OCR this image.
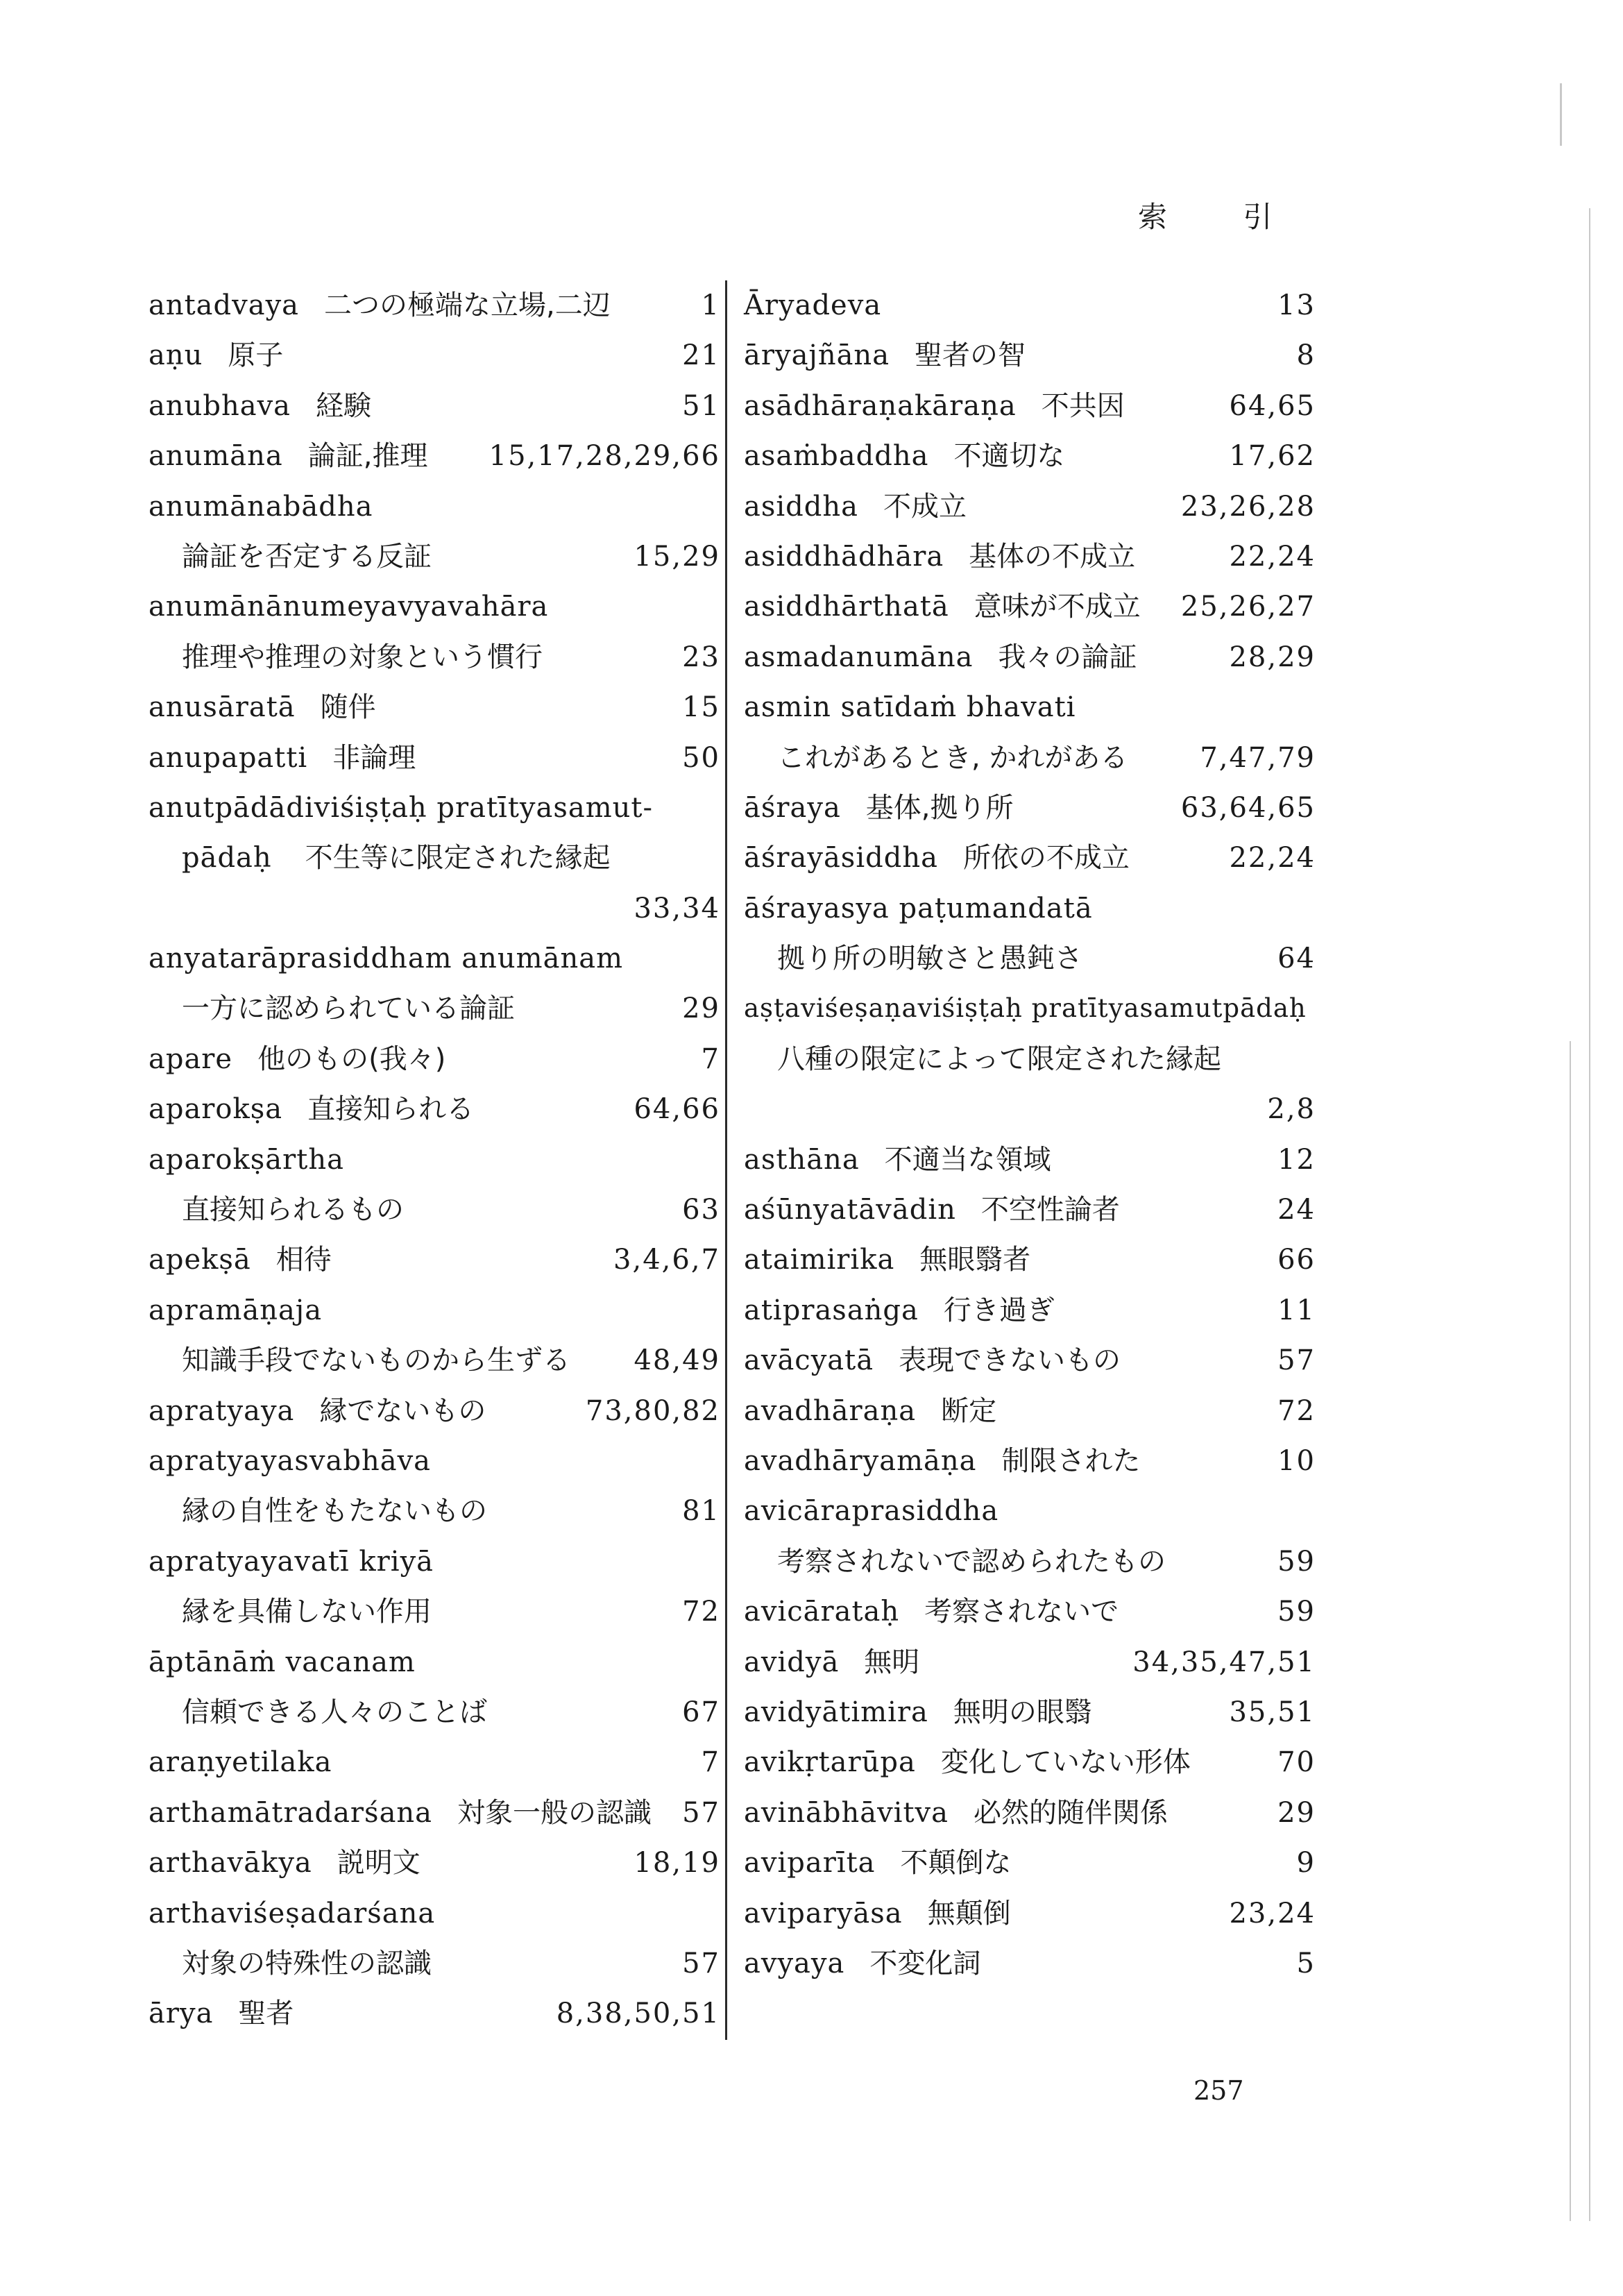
索 引
antadvaya 二つの極端な立場,二辺	1
aṇu 原子	21
anubhava 経験	51
anumāna 論証,推理 15,17,28,29,66
anumānabādha
論証を否定する反証	15,29
anumānānumeyavyavahāra
推理や推理の対象という慣行	23
anusāratā 随伴	15
anupapatti 非論理	50
anutpādādiviśiṣṭaḥ pratītyasamut-
pādaḥ 不生等に限定された縁起
33,34
anyatarāprasiddham anumānam
一方に認められている論証	29
apare 他のもの(我々)	7
aparokṣa 直接知られる	64,66
aparokṣārtha
直接知られるもの	63
apekṣā 相待	3,4,6,7
apramāṇaja
知識手段でないものから生ずる 48,49
apratyaya 縁でないもの	73,80,82
apratyayasvabhāva
縁の自性をもたないもの	81
apratyayavatī kriyā
縁を具備しない作用	72
āptānāṁ vacanam
信頼できる人々のことば	67
araṇyetilaka	7
arthamātradarśana 対象一般の認識 57
arthavākya 説明文	18,19
arthaviśeṣadarśana
対象の特殊性の認識	57
ārya 聖者	8,38,50,51
Āryadeva	13
āryajñāna 聖者の智	8
asādhāraṇakāraṇa 不共因	64,65
asaṁbaddha 不適切な	17,62
asiddha 不成立	23,26,28
asiddhādhāra 基体の不成立	22,24
asiddhārthatā 意味が不成立 25,26,27
asmadanumāna 我々の論証	28,29
asmin satīdaṁ bhavati
これがあるとき, かれがある	7,47,79
āśraya 基体,拠り所	63,64,65
āśrayāsiddha 所依の不成立	22,24
āśrayasya paṭumandatā
拠り所の明敏さと愚鈍さ	64
aṣṭaviśeṣaṇaviśiṣṭaḥ pratītyasamutpādaḥ
八種の限定によって限定された縁起
2,8
asthāna 不適当な領域	12
aśūnyatāvādin 不空性論者	24
ataimirika 無眼翳者	66
atiprasaṅga 行き過ぎ	11
avācyatā 表現できないもの	57
avadhāraṇa 断定	72
avadhāryamāṇa 制限された	10
avicāraprasiddha
考察されないで認められたもの	59
avicārataḥ 考察されないで	59
avidyā 無明	34,35,47,51
avidyātimira 無明の眼翳	35,51
avikṛtarūpa 変化していない形体	70
avinābhāvitva 必然的随伴関係	29
aviparīta 不顛倒な	9
aviparyāsa 無顛倒	23,24
avyaya 不変化詞	5
257
